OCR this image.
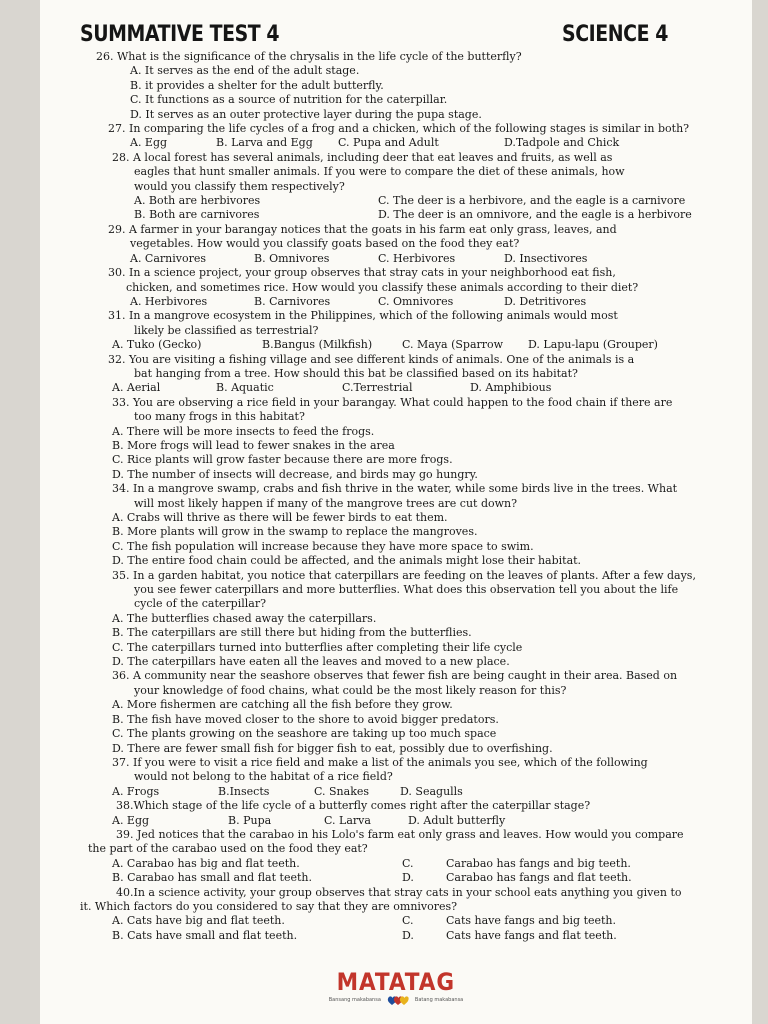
SUMMATIVE TEST 4	SCIENCE 4
26. What is the significance of the chrysalis in the life cycle of the butterfly?
A. It serves as the end of the adult stage.
B. it provides a shelter for the adult butterfly.
C. It functions as a source of nutrition for the caterpillar.
D. It serves as an outer protective layer during the pupa stage.
27. In comparing the life cycles of a frog and a chicken, which of the following stages is similar in both?
A. Egg	B. Larva and Egg	C. Pupa and Adult	D.Tadpole and Chick
28. A local forest has several animals, including deer that eat leaves and fruits, as well as
eagles that hunt smaller animals. If you were to compare the diet of these animals, how
would you classify them respectively?
A. Both are herbivores	C. The deer is a herbivore, and the eagle is a carnivore
B. Both are carnivores	D. The deer is an omnivore, and the eagle is a herbivore
29. A farmer in your barangay notices that the goats in his farm eat only grass, leaves, and
vegetables. How would you classify goats based on the food they eat?
A. Carnivores	B. Omnivores	C. Herbivores	D. Insectivores
30. In a science project, your group observes that stray cats in your neighborhood eat fish,
chicken, and sometimes rice. How would you classify these animals according to their diet?
A. Herbivores	B. Carnivores	C. Omnivores	D. Detritivores
31. In a mangrove ecosystem in the Philippines, which of the following animals would most
likely be classified as terrestrial?
A. Tuko (Gecko)	B.Bangus (Milkfish)	C. Maya (Sparrow	D. Lapu-lapu (Grouper)
32. You are visiting a fishing village and see different kinds of animals. One of the animals is a
bat hanging from a tree. How should this bat be classified based on its habitat?
A. Aerial	B. Aquatic	C.Terrestrial	D. Amphibious
33. You are observing a rice field in your barangay. What could happen to the food chain if there are
too many frogs in this habitat?
A. There will be more insects to feed the frogs.
B. More frogs will lead to fewer snakes in the area
C. Rice plants will grow faster because there are more frogs.
D. The number of insects will decrease, and birds may go hungry.
34. In a mangrove swamp, crabs and fish thrive in the water, while some birds live in the trees. What
will most likely happen if many of the mangrove trees are cut down?
A. Crabs will thrive as there will be fewer birds to eat them.
B. More plants will grow in the swamp to replace the mangroves.
C. The fish population will increase because they have more space to swim.
D. The entire food chain could be affected, and the animals might lose their habitat.
35. In a garden habitat, you notice that caterpillars are feeding on the leaves of plants. After a few days,
you see fewer caterpillars and more butterflies. What does this observation tell you about the life
cycle of the caterpillar?
A. The butterflies chased away the caterpillars.
B. The caterpillars are still there but hiding from the butterflies.
C. The caterpillars turned into butterflies after completing their life cycle
D. The caterpillars have eaten all the leaves and moved to a new place.
36. A community near the seashore observes that fewer fish are being caught in their area. Based on
your knowledge of food chains, what could be the most likely reason for this?
A. More fishermen are catching all the fish before they grow.
B. The fish have moved closer to the shore to avoid bigger predators.
C. The plants growing on the seashore are taking up too much space
D. There are fewer small fish for bigger fish to eat, possibly due to overfishing.
37. If you were to visit a rice field and make a list of the animals you see, which of the following
would not belong to the habitat of a rice field?
A. Frogs	B.Insects	C. Snakes	D. Seagulls
38.Which stage of the life cycle of a butterfly comes right after the caterpillar stage?
A. Egg	B. Pupa	C. Larva	D. Adult butterfly
39. Jed notices that the carabao in his Lolo's farm eat only grass and leaves. How would you compare
the part of the carabao used on the food they eat?
A. Carabao has big and flat teeth.	C.	Carabao has fangs and big teeth.
B. Carabao has small and flat teeth.	D.	Carabao has fangs and flat teeth.
40.In a science activity, your group observes that stray cats in your school eats anything you given to
it. Which factors do you considered to say that they are omnivores?
A. Cats have big and flat teeth.	C.	Cats have fangs and big teeth.
B. Cats have small and flat teeth.	D.	Cats have fangs and flat teeth.
MATATAG
Bansang makabansa	Batang makabansa
